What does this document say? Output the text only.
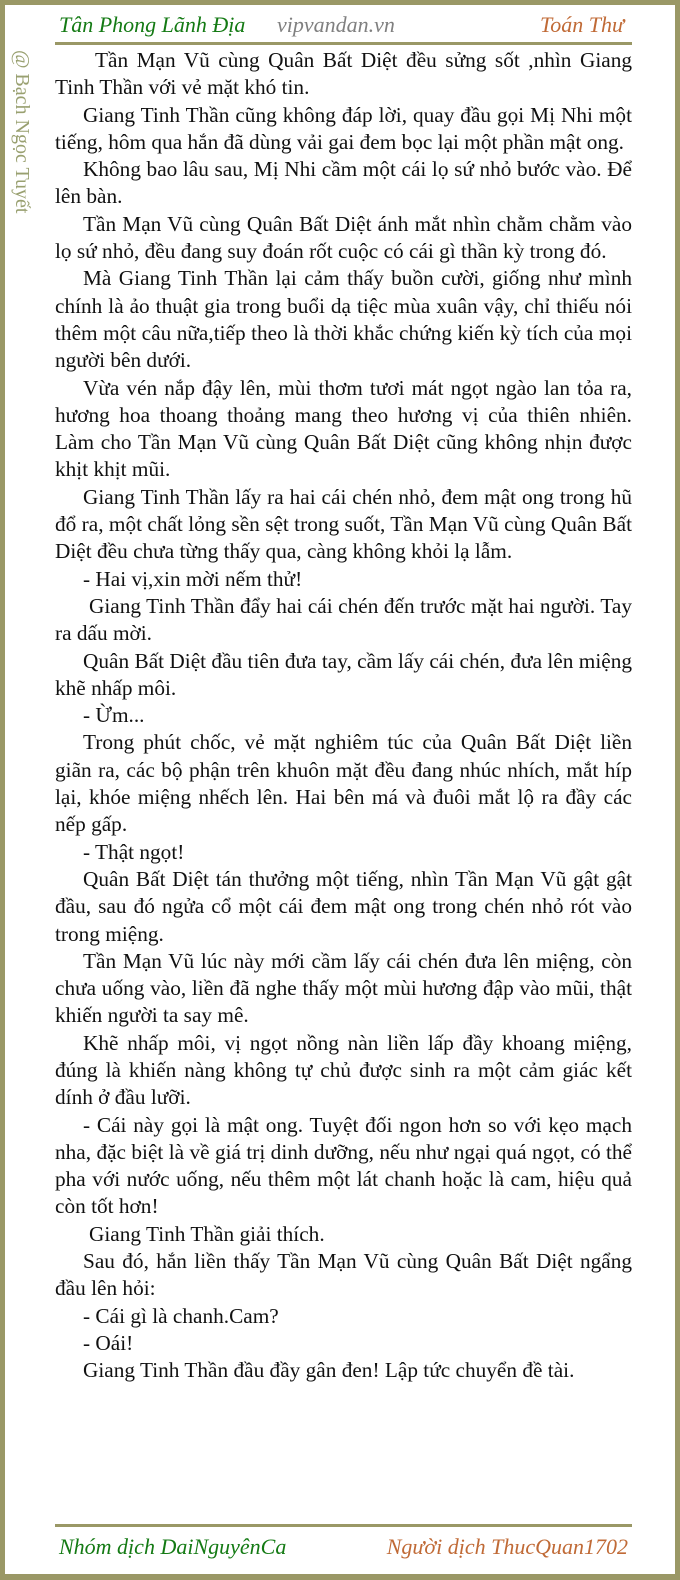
Tân Phong Lãnh Địa vipvandan.vn	Toán Thư
@ Bạch Ngọc Tuyết	Tần Mạn Vũ cùng Quân Bất Diệt đều sửng sốt ,nhìn Giang Tinh Thần với vẻ mặt khó tin.

Giang Tinh Thần cũng không đáp lời, quay đầu gọi Mị Nhi một tiếng, hôm qua hắn đã dùng vải gai đem bọc lại một phần mật ong.

Không bao lâu sau, Mị Nhi cầm một cái lọ sứ nhỏ bước vào. Để lên bàn.

Tần Mạn Vũ cùng Quân Bất Diệt ánh mắt nhìn chằm chằm vào lọ sứ nhỏ, đều đang suy đoán rốt cuộc có cái gì thần kỳ trong đó.

Mà Giang Tinh Thần lại cảm thấy buồn cười, giống như mình chính là ảo thuật gia trong buổi dạ tiệc mùa xuân vậy, chỉ thiếu nói thêm một câu nữa,tiếp theo là thời khắc chứng kiến kỳ tích của mọi người bên dưới.

Vừa vén nắp đậy lên, mùi thơm tươi mát ngọt ngào lan tỏa ra, hương hoa thoang thoảng mang theo hương vị của thiên nhiên. Làm cho Tần Mạn Vũ cùng Quân Bất Diệt cũng không nhịn được khịt khịt mũi.

Giang Tinh Thần lấy ra hai cái chén nhỏ, đem mật ong trong hũ đổ ra, một chất lỏng sền sệt trong suốt, Tần Mạn Vũ cùng Quân Bất Diệt đều chưa từng thấy qua, càng không khỏi lạ lẫm.

- Hai vị,xin mời nếm thử!

Giang Tinh Thần đẩy hai cái chén đến trước mặt hai người. Tay ra dấu mời.

Quân Bất Diệt đầu tiên đưa tay, cầm lấy cái chén, đưa lên miệng khẽ nhấp môi.

- Ừm...

Trong phút chốc, vẻ mặt nghiêm túc của Quân Bất Diệt liền giãn ra, các bộ phận trên khuôn mặt đều đang nhúc nhích, mắt híp lại, khóe miệng nhếch lên. Hai bên má và đuôi mắt lộ ra đầy các nếp gấp.

- Thật ngọt!

Quân Bất Diệt tán thưởng một tiếng, nhìn Tần Mạn Vũ gật gật đầu, sau đó ngửa cổ một cái đem mật ong trong chén nhỏ rót vào trong miệng.

Tần Mạn Vũ lúc này mới cầm lấy cái chén đưa lên miệng, còn chưa uống vào, liền đã nghe thấy một mùi hương đập vào mũi, thật khiến người ta say mê.

Khẽ nhấp môi, vị ngọt nồng nàn liền lấp đầy khoang miệng, đúng là khiến nàng không tự chủ được sinh ra một cảm giác kết dính ở đầu lưỡi.

- Cái này gọi là mật ong. Tuyệt đối ngon hơn so với kẹo mạch nha, đặc biệt là về giá trị dinh dưỡng, nếu như ngại quá ngọt, có thể pha với nước uống, nếu thêm một lát chanh hoặc là cam, hiệu quả còn tốt hơn!

Giang Tinh Thần giải thích.

Sau đó, hắn liền thấy Tần Mạn Vũ cùng Quân Bất Diệt ngẩng đầu lên hỏi:

- Cái gì là chanh.Cam?

- Oái!

Giang Tinh Thần đầu đầy gân đen! Lập tức chuyển đề tài.

Nhóm dịch DaiNguyênCa	Người dịch ThucQuan1702
